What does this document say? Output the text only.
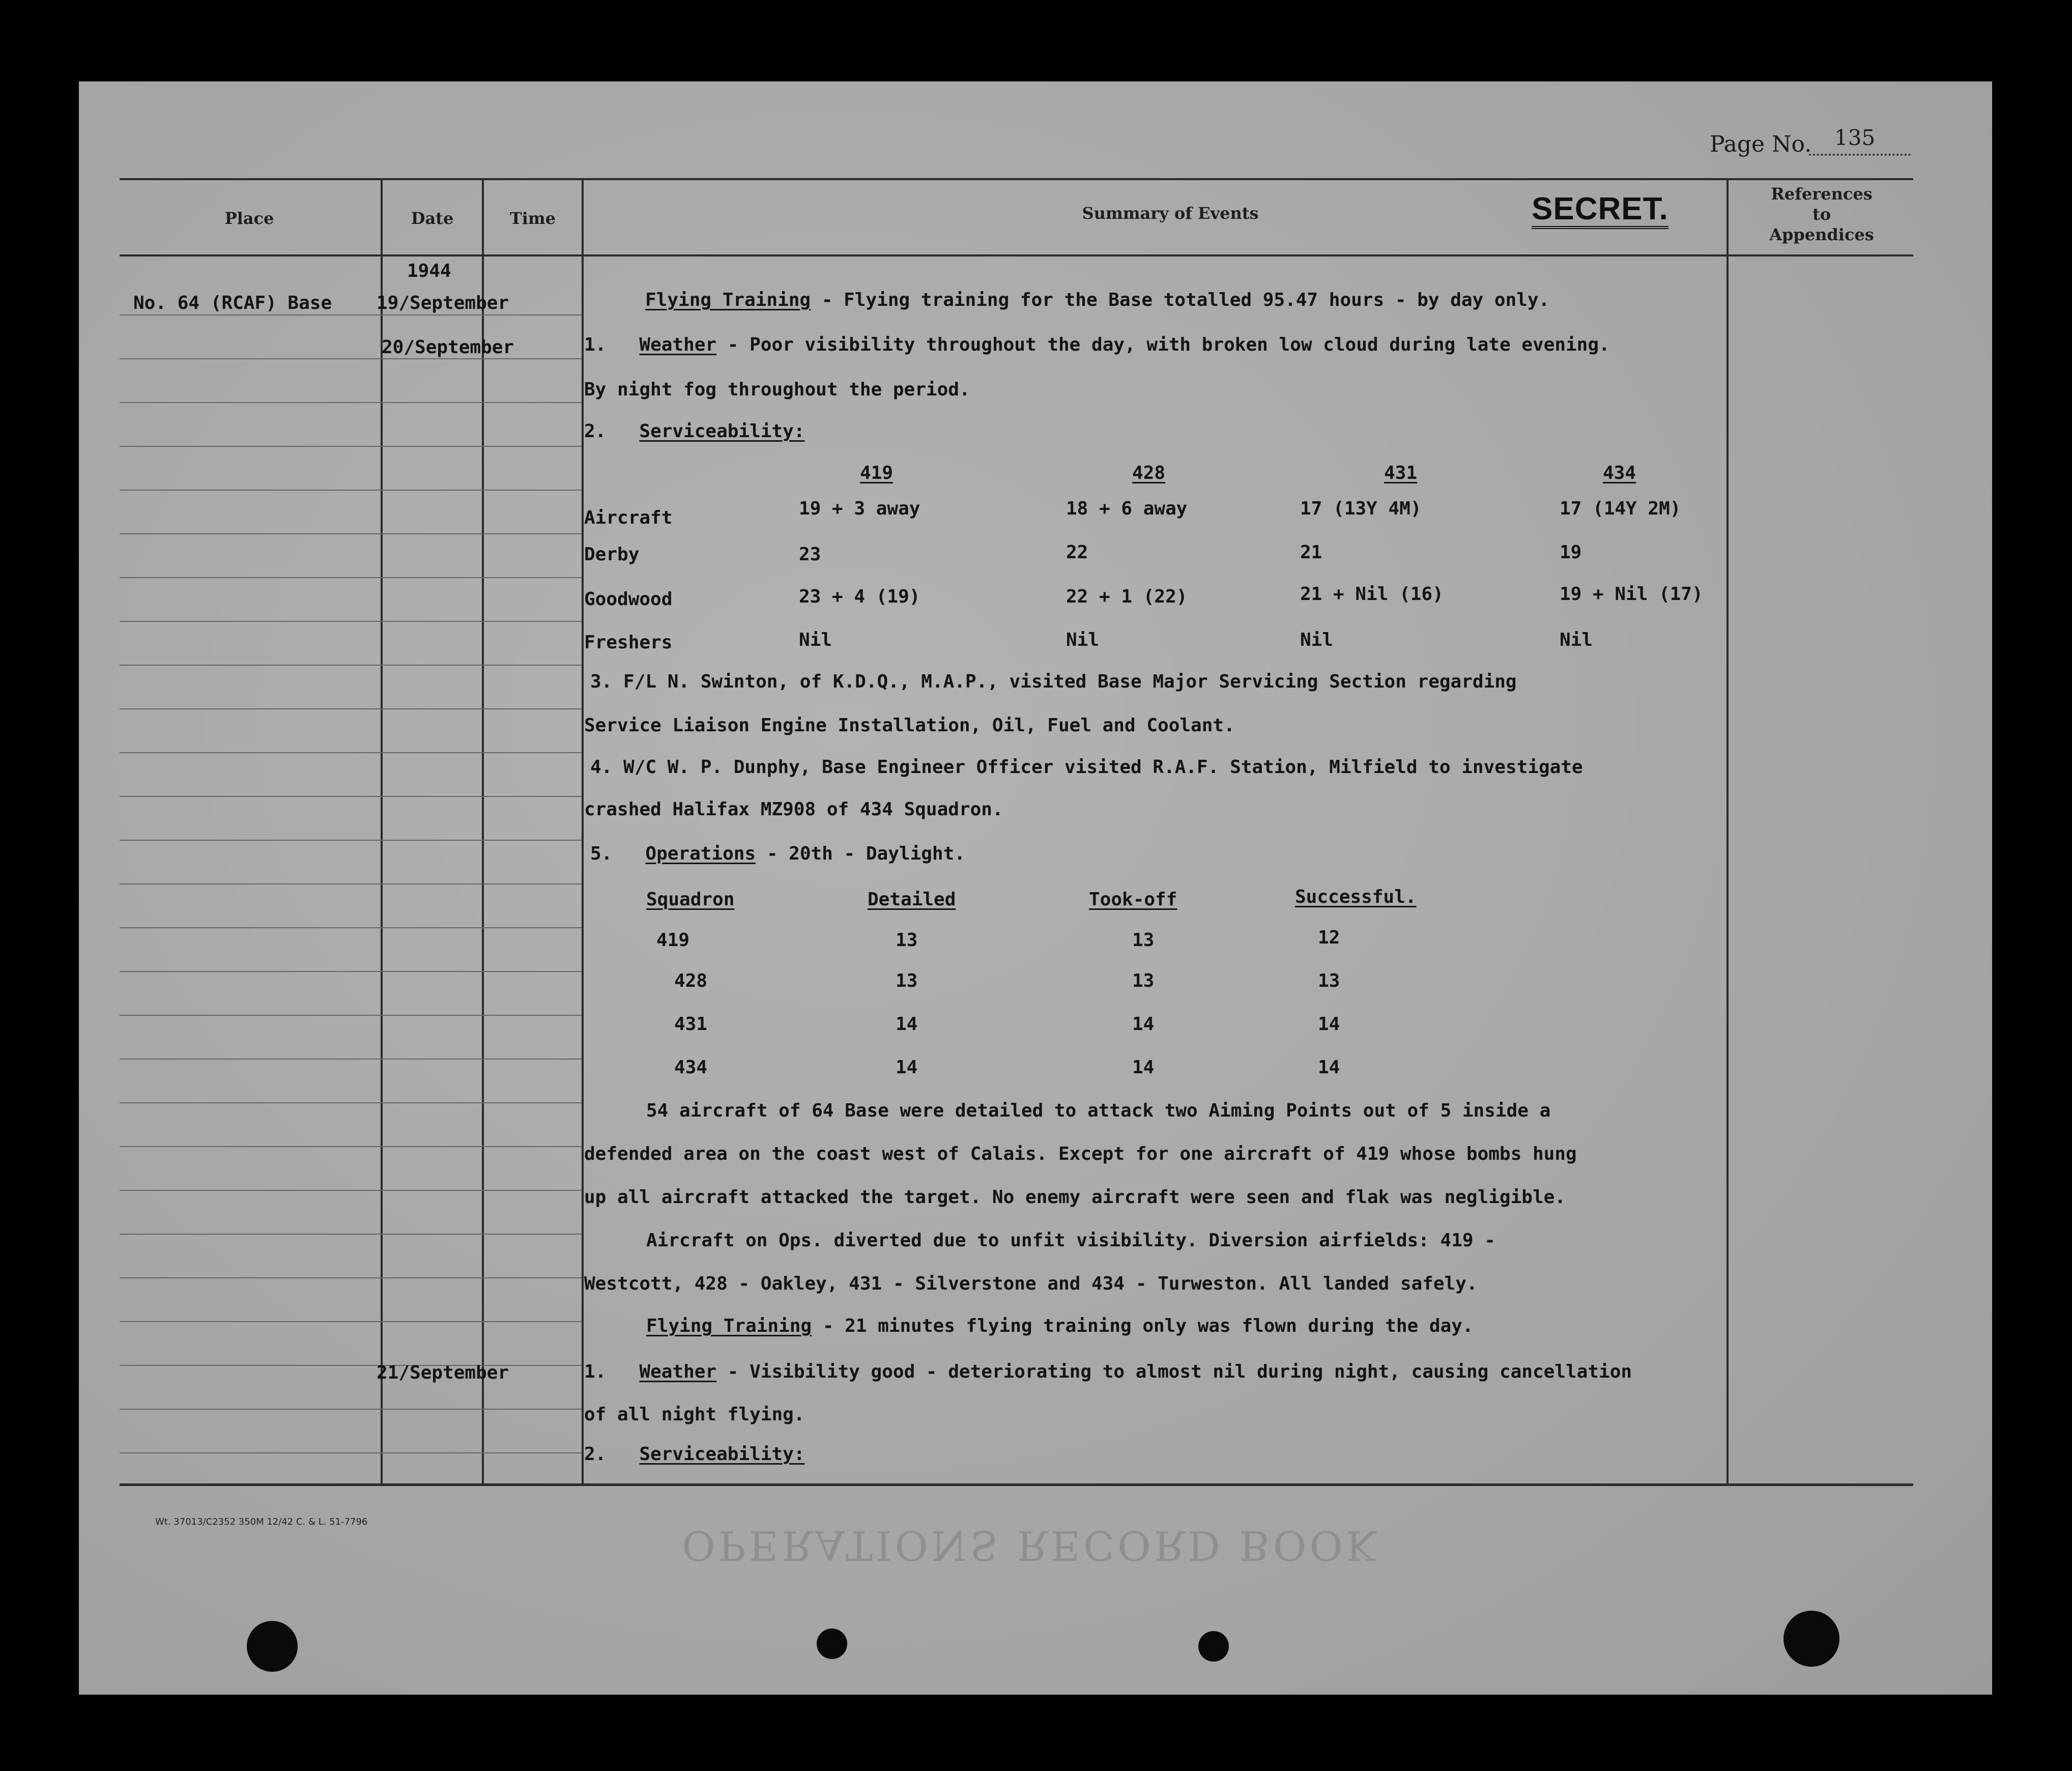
Page No. 135
Place	Date	Time	Summary of Events
References
to
Appendices
SECRET.
No. 64 (RCAF) Base
1944
19/September
20/September
21/September
Flying Training - Flying training for the Base totalled 95.47 hours - by day only.
1. Weather - Poor visibility throughout the day, with broken low cloud during late evening.
By night fog throughout the period.
2. Serviceability:
419	428	431	434
Aircraft	19 + 3 away	18 + 6 away	17 (13Y 4M)	17 (14Y 2M)
Derby	23	22	21	19
Goodwood	23 + 4 (19)	22 + 1 (22)	21 + Nil (16)	19 + Nil (17)
Freshers	Nil	Nil	Nil	Nil
3. F/L N. Swinton, of K.D.Q., M.A.P., visited Base Major Servicing Section regarding
Service Liaison Engine Installation, Oil, Fuel and Coolant.
4. W/C W. P. Dunphy, Base Engineer Officer visited R.A.F. Station, Milfield to investigate
crashed Halifax MZ908 of 434 Squadron.
5. Operations - 20th - Daylight.
Squadron	Detailed	Took-off	Successful.
419	13	13	12
428	13	13	13
431	14	14	14
434	14	14	14
54 aircraft of 64 Base were detailed to attack two Aiming Points out of 5 inside a
defended area on the coast west of Calais. Except for one aircraft of 419 whose bombs hung
up all aircraft attacked the target. No enemy aircraft were seen and flak was negligible.
Aircraft on Ops. diverted due to unfit visibility. Diversion airfields: 419 -
Westcott, 428 - Oakley, 431 - Silverstone and 434 - Turweston. All landed safely.
Flying Training - 21 minutes flying training only was flown during the day.
1. Weather - Visibility good - deteriorating to almost nil during night, causing cancellation
of all night flying.
2. Serviceability:
Wt. 37013/C2352 350M 12/42 C. & L. 51-7796	OPERATIONS RECORD BOOK
